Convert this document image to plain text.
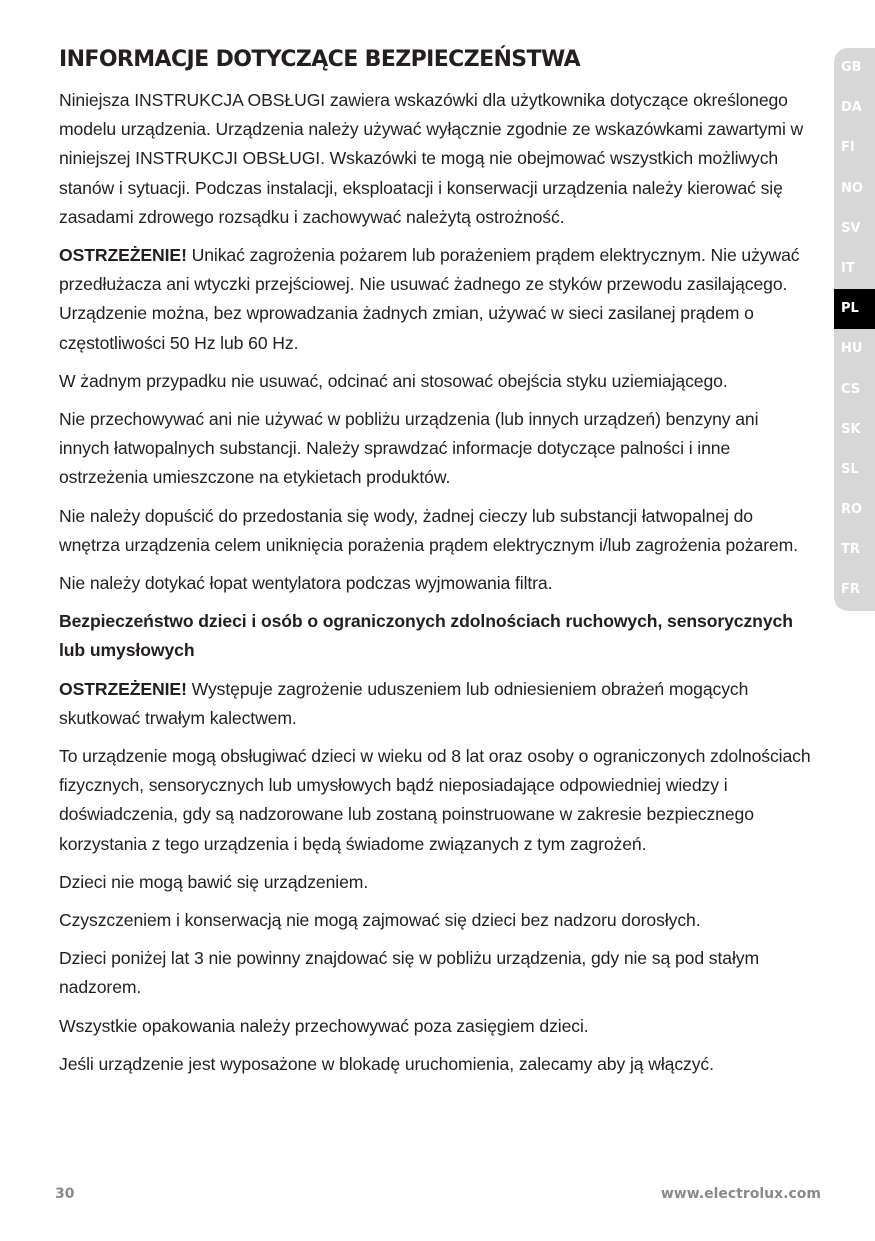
INFORMACJE DOTYCZĄCE BEZPIECZEŃSTWA

Niniejsza INSTRUKCJA OBSŁUGI zawiera wskazówki dla użytkownika dotyczące określonego modelu urządzenia. Urządzenia należy używać wyłącznie zgodnie ze wskazówkami zawartymi w niniejszej INSTRUKCJI OBSŁUGI. Wskazówki te mogą nie obejmować wszystkich możliwych stanów i sytuacji. Podczas instalacji, eksploatacji i konserwacji urządzenia należy kierować się zasadami zdrowego rozsądku i zachowywać należytą ostrożność.

OSTRZEŻENIE! Unikać zagrożenia pożarem lub porażeniem prądem elektrycznym. Nie używać przedłużacza ani wtyczki przejściowej. Nie usuwać żadnego ze styków przewodu zasilającego. Urządzenie można, bez wprowadzania żadnych zmian, używać w sieci zasilanej prądem o częstotliwości 50 Hz lub 60 Hz.

W żadnym przypadku nie usuwać, odcinać ani stosować obejścia styku uziemiającego.

Nie przechowywać ani nie używać w pobliżu urządzenia (lub innych urządzeń) benzyny ani innych łatwopalnych substancji. Należy sprawdzać informacje dotyczące palności i inne ostrzeżenia umieszczone na etykietach produktów.

Nie należy dopuścić do przedostania się wody, żadnej cieczy lub substancji łatwopalnej do wnętrza urządzenia celem uniknięcia porażenia prądem elektrycznym i/lub zagrożenia pożarem.

Nie należy dotykać łopat wentylatora podczas wyjmowania filtra.

Bezpieczeństwo dzieci i osób o ograniczonych zdolnościach ruchowych, sensorycznych lub umysłowych

OSTRZEŻENIE! Występuje zagrożenie uduszeniem lub odniesieniem obrażeń mogących skutkować trwałym kalectwem.

To urządzenie mogą obsługiwać dzieci w wieku od 8 lat oraz osoby o ograniczonych zdolnościach fizycznych, sensorycznych lub umysłowych bądź nieposiadające odpowiedniej wiedzy i doświadczenia, gdy są nadzorowane lub zostaną poinstruowane w zakresie bezpiecznego korzystania z tego urządzenia i będą świadome związanych z tym zagrożeń.

Dzieci nie mogą bawić się urządzeniem.

Czyszczeniem i konserwacją nie mogą zajmować się dzieci bez nadzoru dorosłych.

Dzieci poniżej lat 3 nie powinny znajdować się w pobliżu urządzenia, gdy nie są pod stałym nadzorem.

Wszystkie opakowania należy przechowywać poza zasięgiem dzieci.

Jeśli urządzenie jest wyposażone w blokadę uruchomienia, zalecamy aby ją włączyć.

GB
DA
FI
NO
SV
IT
PL
HU
CS
SK
SL
RO
TR
FR
30	www.electrolux.com
